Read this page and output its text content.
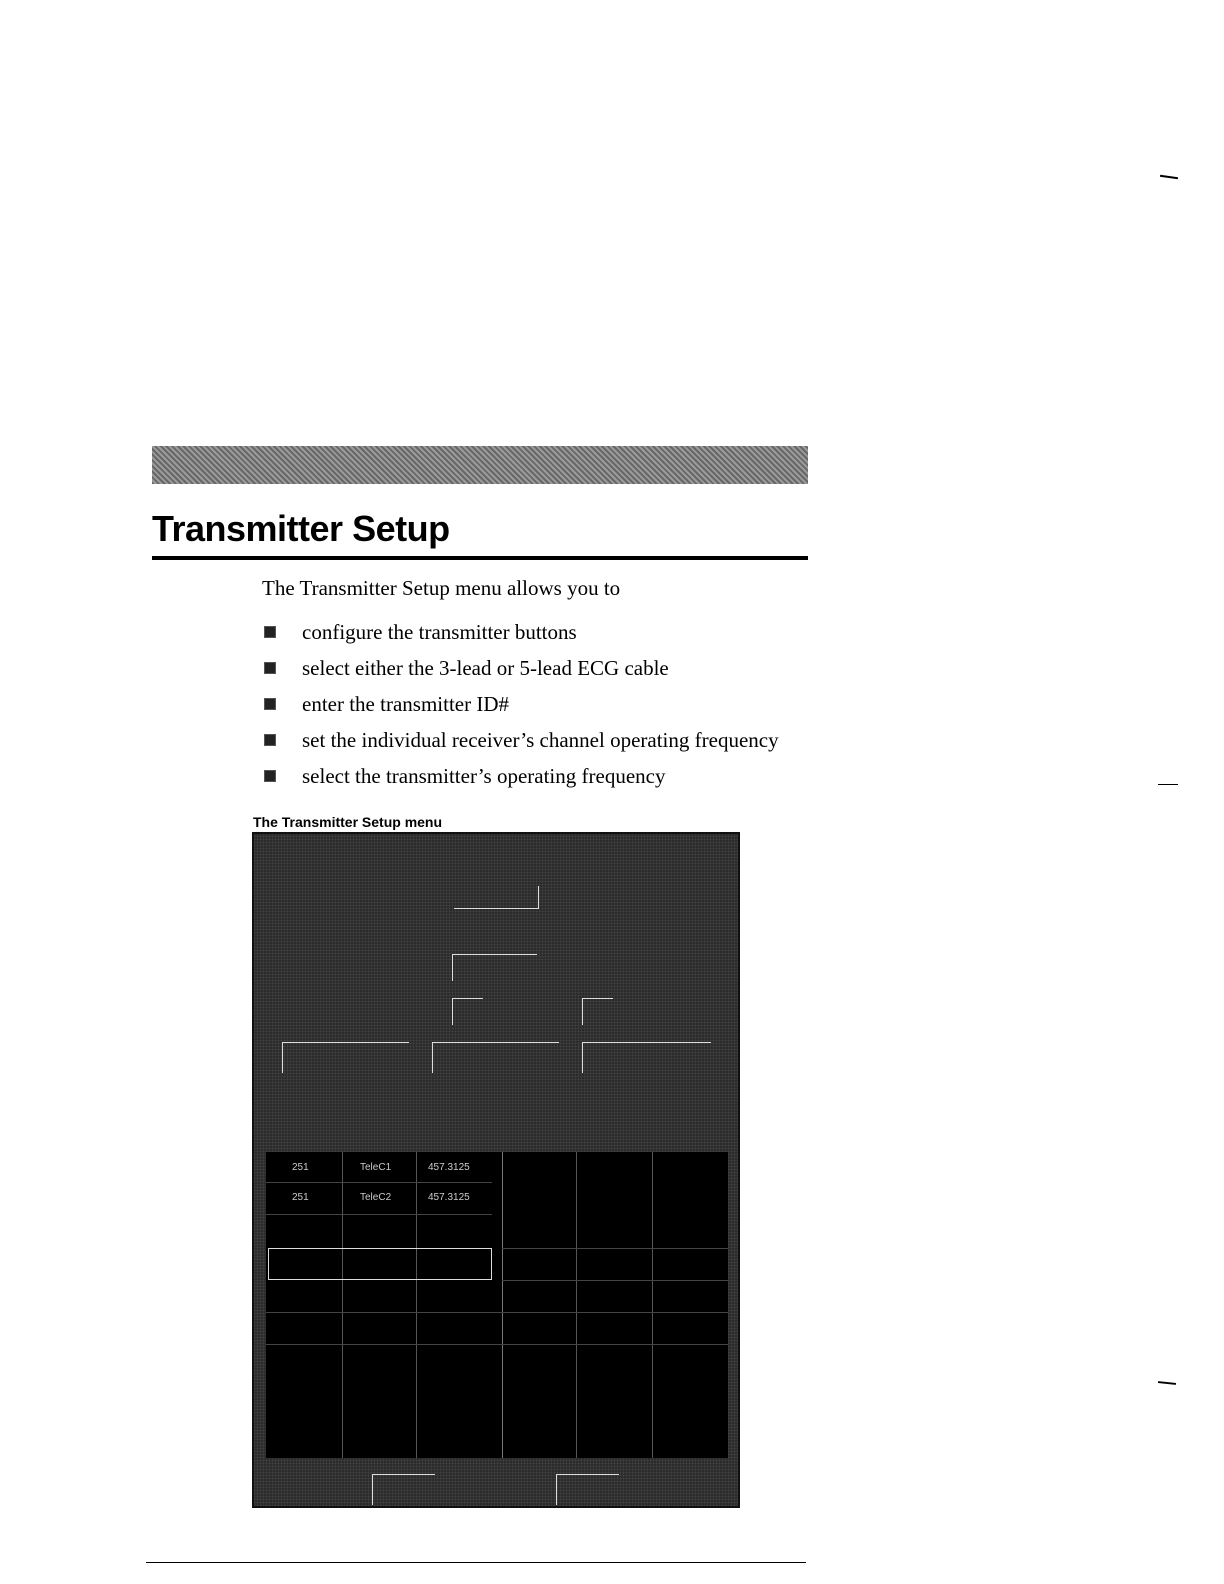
Transmitter Setup
The Transmitter Setup menu allows you to
configure the transmitter buttons
select either the 3-lead or 5-lead ECG cable
enter the transmitter ID#
set the individual receiver’s channel operating frequency
select the transmitter’s operating frequency
The Transmitter Setup menu
251	TeleC1	457.3125
251	TeleC2	457.3125
